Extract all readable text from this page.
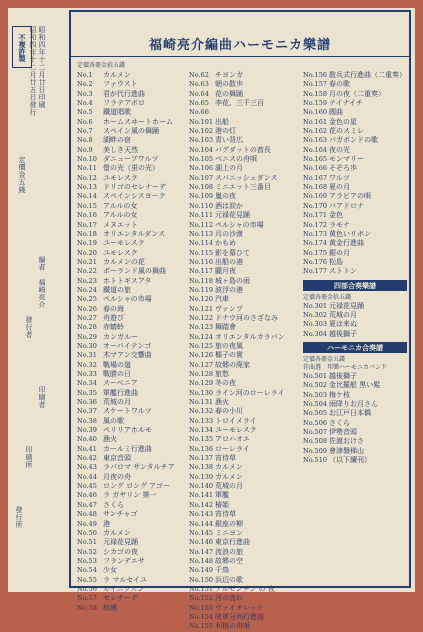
不複
許製 昭和四年十二月廿日印刷
昭和四年十二月廿五日發行
定價金五錢
編者　福崎亮介
發行者
印刷者
印刷所
發行所
福崎亮介編曲ハーモニカ樂譜
定價各冊金拾五錢
No.1	カルメン
No.2	ファウスト
No.3	君が代行進曲
No.4	フラテアボロ
No.5	鐵道唱歌
No.6	ホームスヰートホーム
No.7	スペイン風の舞踊
No.8	湖畔の宿
No.9	美しき天然
No.10 ダニューブワルツ
No.11 螢の光（蛍の光）
No.12 ユモレスク
No.13 ドリゴのセレナーデ
No.14 スペインシスヨーク
No.15 アルルの女
No.16 アルルの女
No.17 メヌエット
No.18 オリエンタルダンス
No.19 ユーモレスク
No.20 ユモレスク
No.21 カルメンの花
No.22 ポーランド風の舞曲
No.23 ホトトギスアタ
No.24 鐵道の旅
No.25 ペルシャの市場
No.26 春の海
No.27 舟遊び
No.28 赤蜻蛉
No.29 カンガルー
No.30 オーバイテンゴ
No.31 木マアン交響曲
No.32 戰場の道
No.33 戰勝の日
No.34 スーベニア
No.35 軍艦行進曲
No.36 荒城の月
No.37 スケートワルツ
No.38 風の歌
No.39 ペリリアホルモ
No.40 漁火
No.41 カールミ行進曲
No.42 東京音頭
No.43 ラパロマ サンタルチア
No.44 月夜の舟
No.45 ロング ロング アゴー
No.46 ラ ガヤリン 第一
No.47 さくら
No.48 サンチャゴ
No.49 港
No.50 カルメン
No.51 元禄花見踊
No.52 シカゴの夜
No.53 フランデエサ
No.54 少女
No.55 ラ マルセイユ
No.56 ルイニツスン
No.57 セレナーデ
No.58 故郷
No.62 チヨンガ
No.63 朝の散歩
No.64 花の舞踊
No.65 李花、三千三百
No.66
No.101 出船
No.102 港の灯
No.103 青い背広
No.104 バグダットの酋長
No.105 ベニスの舟唄
No.106 湖上の月
No.107 スパニッシュダンス
No.108 ミニエット三番目
No.109 嵐の夜
No.110 酒は涙か
No.111 元禄花見踊
No.112 ペルシャの市場
No.113 月の沙漠
No.114 かもめ
No.115 影を慕ひて
No.116 出船の港
No.117 朧月夜
No.118 城ヶ島の雨
No.119 波浮の港
No.120 汽車
No.121 ヴァンプ
No.122 ドナウ河のさざなみ
No.123 舞踏會
No.124 オリエンタルカラバン
No.125 旅の夜風
No.126 椰子の實
No.127 故郷の廃家
No.128 旅愁
No.129 冬の夜
No.130 ライン河のローレライ
No.131 漁火
No.132 春の小川
No.133 トロイメライ
No.134 ユーモレスク
No.135 アロハオエ
No.136 ローレライ
No.137 宵待草
No.138 カルメン
No.139 カルメン
No.140 荒城の月
No.141 軍艦
No.142 椿姫
No.143 宵待草
No.144 銀座の柳
No.145 ミニヨン
No.146 東京行進曲
No.147 流浪の旅
No.148 故郷の空
No.149 千鳥
No.150 浜辺の歌
No.151 アルゼンチン の 夜
No.152 河の流れ
No.153 ヴァイオレッテ
No.154 陸軍分列行進曲
No.155 利根の舟唄
No.156 散兵式行進曲（二重奏）
No.157 春の歌
No.158 月の夜（二重奏）
No.159 テイナイチ
No.160 國曲
No.161 金色の星
No.162 花のスミレ
No.163 パガボンドの歌
No.164 夜の光
No.165 モンマリー
No.166 そぞろ歩
No.167 ワルツ
No.168 夏の月
No.169 アラビアの唄
No.170 パアドロナ
No.171 金色
No.172 ラモナ
No.173 黄色いリボン
No.174 黄金行進曲
No.175 銀の月
No.176 松島
No.177 ストトン
四部合奏樂譜
定價各冊金拾五錢
No.301 元禄花見踊
No.302 荒城の月
No.303 夏は来ぬ
No.304 越後獅子
ハーモニカ合奏譜
定價各冊金五錢
佳曲選　邦樂ハーモニカバンド
No.501 越後獅子
No.502 金比羅船 黒い髪
No.503 梅ケ枝
No.504 雨降りお月さん
No.505 お江戸日本橋
No.506 さくら
No.507 伊勢音頭
No.508 佐渡おけさ
No.509 會津磐梯山
No.510 （以下續刊）
